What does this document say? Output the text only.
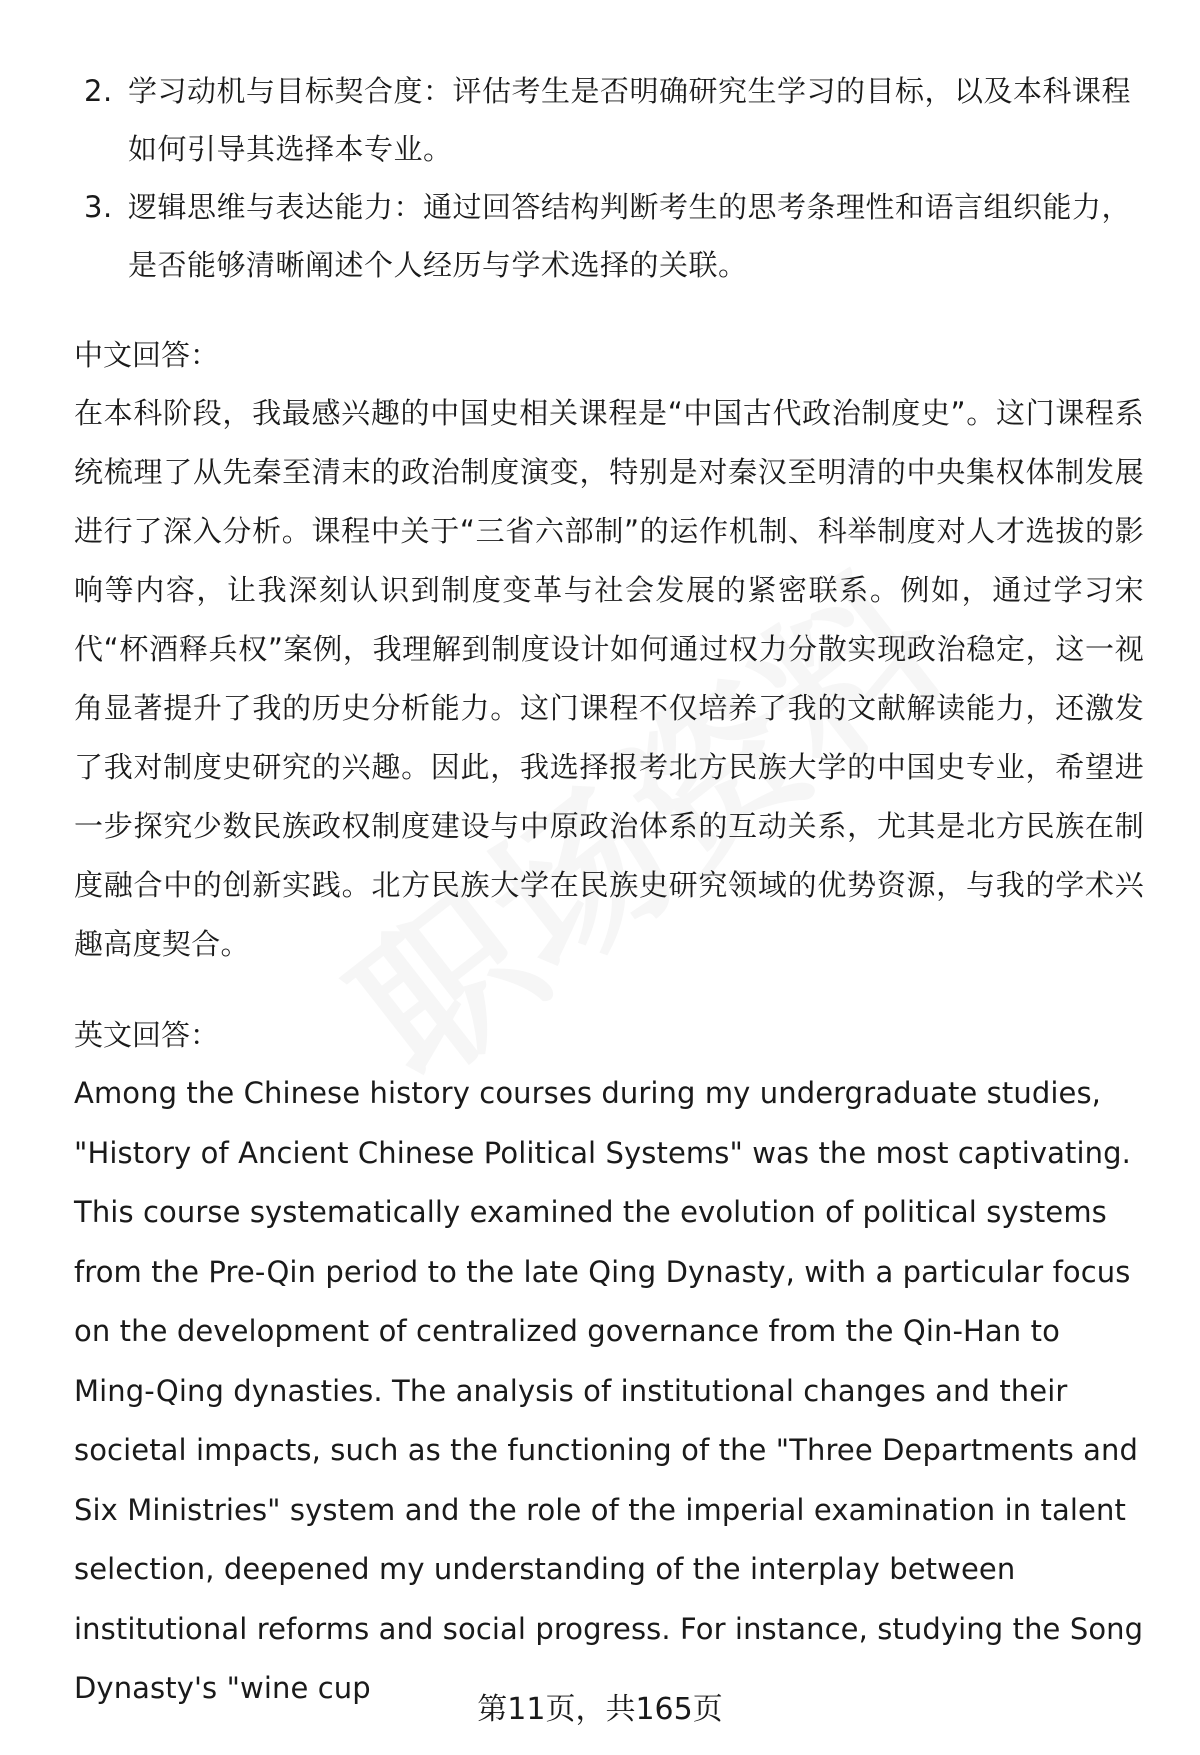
2. 学习动机与目标契合度：评估考生是否明确研究生学习的目标，以及本科课程如何引导其选择本专业。
3. 逻辑思维与表达能力：通过回答结构判断考生的思考条理性和语言组织能力，是否能够清晰阐述个人经历与学术选择的关联。
中文回答：
在本科阶段，我最感兴趣的中国史相关课程是“中国古代政治制度史”。这门课程系统梳理了从先秦至清末的政治制度演变，特别是对秦汉至明清的中央集权体制发展进行了深入分析。课程中关于“三省六部制”的运作机制、科举制度对人才选拔的影响等内容，让我深刻认识到制度变革与社会发展的紧密联系。例如，通过学习宋代“杯酒释兵权”案例，我理解到制度设计如何通过权力分散实现政治稳定，这一视角显著提升了我的历史分析能力。这门课程不仅培养了我的文献解读能力，还激发了我对制度史研究的兴趣。因此，我选择报考北方民族大学的中国史专业，希望进一步探究少数民族政权制度建设与中原政治体系的互动关系，尤其是北方民族在制度融合中的创新实践。北方民族大学在民族史研究领域的优势资源，与我的学术兴趣高度契合。
英文回答：
Among the Chinese history courses during my undergraduate studies, "History of Ancient Chinese Political Systems" was the most captivating. This course systematically examined the evolution of political systems from the Pre-Qin period to the late Qing Dynasty, with a particular focus on the development of centralized governance from the Qin-Han to Ming-Qing dynasties. The analysis of institutional changes and their societal impacts, such as the functioning of the "Three Departments and Six Ministries" system and the role of the imperial examination in talent selection, deepened my understanding of the interplay between institutional reforms and social progress. For instance, studying the Song Dynasty's "wine cup
第11页，共165页
